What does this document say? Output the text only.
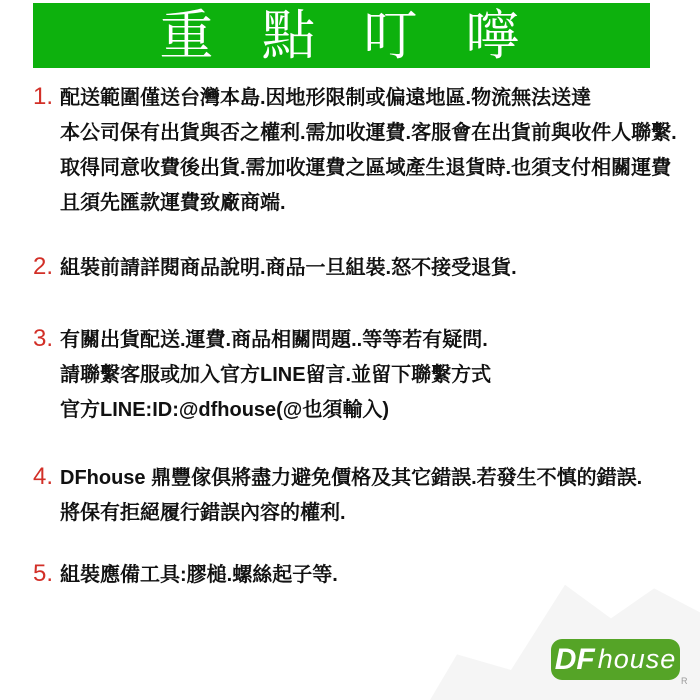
重點叮嚀
1. 配送範圍僅送台灣本島.因地形限制或偏遠地區.物流無法送達
本公司保有出貨與否之權利.需加收運費.客服會在出貨前與收件人聯繫.
取得同意收費後出貨.需加收運費之區域產生退貨時.也須支付相關運費
且須先匯款運費致廠商端.
2. 組裝前請詳閱商品說明.商品一旦組裝.怒不接受退貨.
3. 有關出貨配送.運費.商品相關問題..等等若有疑問.
請聯繫客服或加入官方LINE留言.並留下聯繫方式
官方LINE:ID:@dfhouse(@也須輸入)
4. DFhouse 鼎豐傢俱將盡力避免價格及其它錯誤.若發生不慎的錯誤.
將保有拒絕履行錯誤內容的權利.
5. 組裝應備工具:膠槌.螺絲起子等.
DF house
R
